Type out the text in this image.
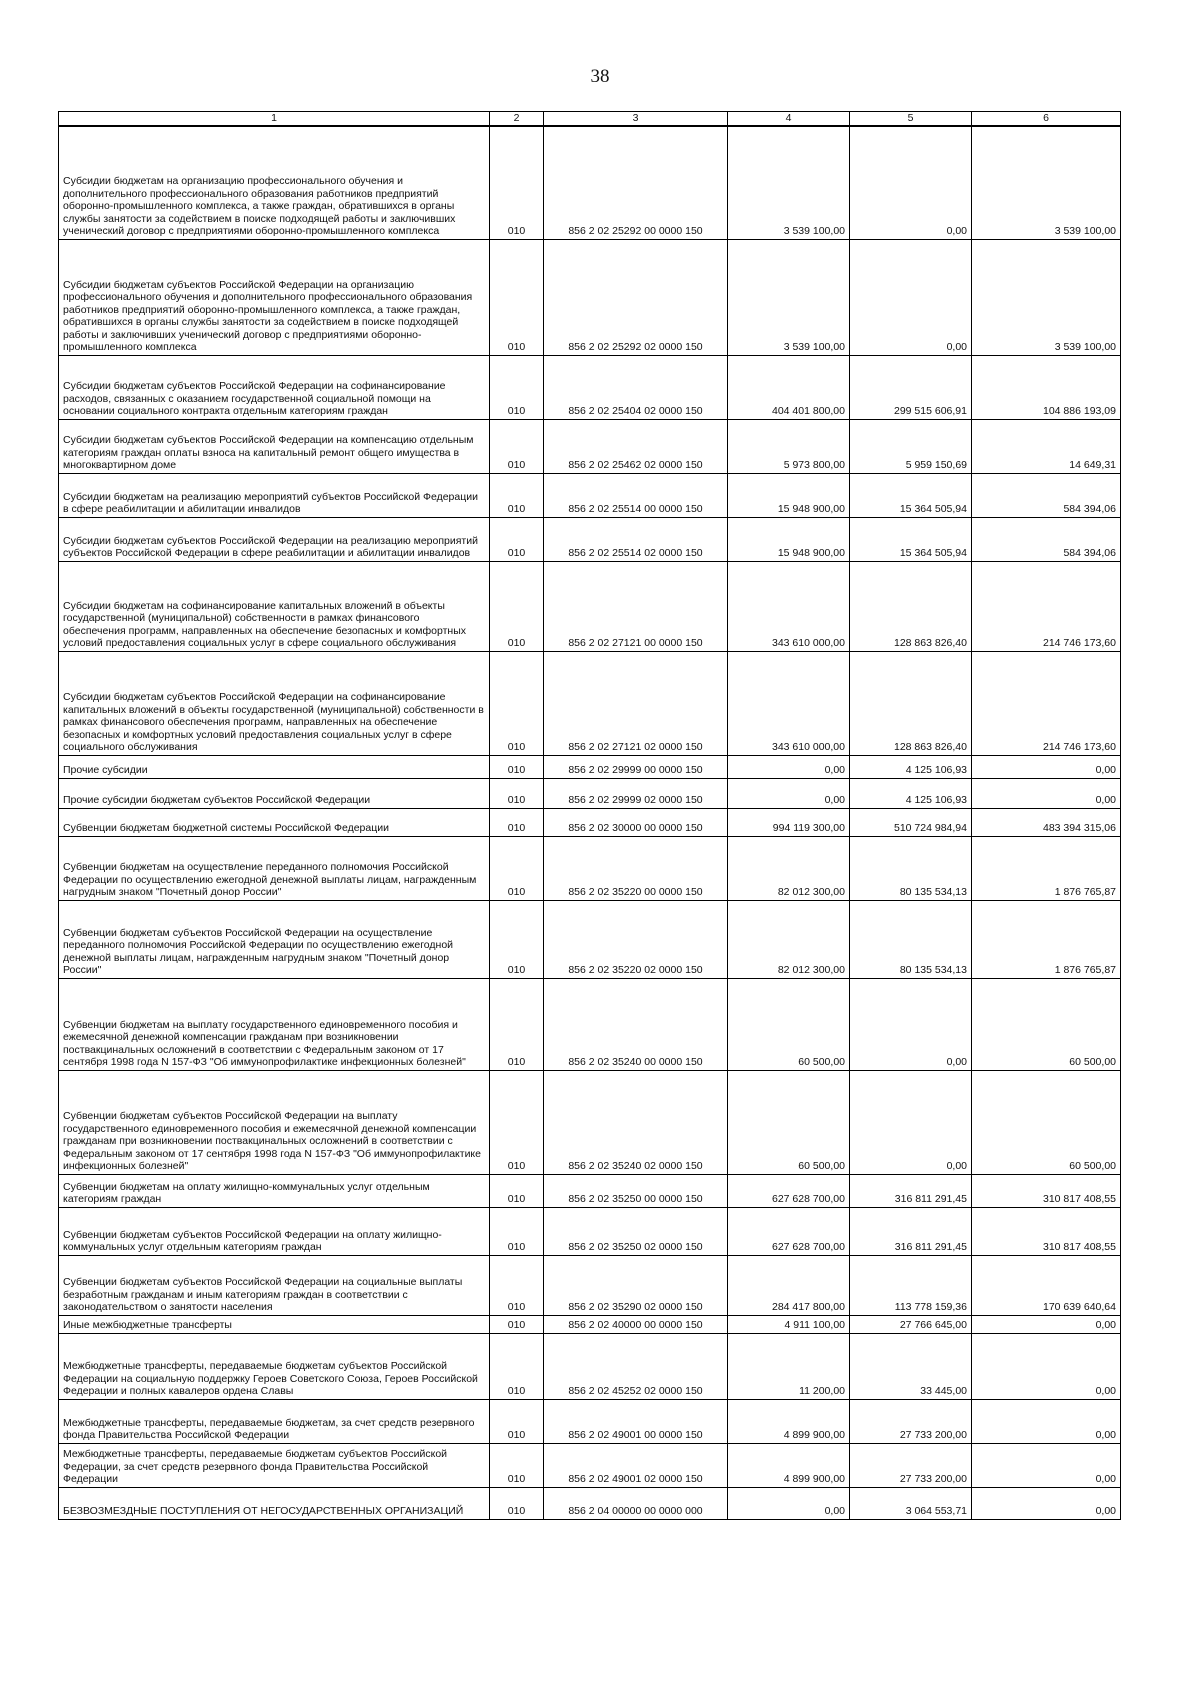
38
1	2	3	4	5	6
Субсидии бюджетам на организацию профессионального обучения и дополнительного профессионального образования работников предприятий оборонно-промышленного комплекса, а также граждан, обратившихся в органы службы занятости за содействием в поиске подходящей работы и заключивших ученический договор с предприятиями оборонно-промышленного комплекса	010	856 2 02 25292 00 0000 150	3 539 100,00	0,00	3 539 100,00
Субсидии бюджетам субъектов Российской Федерации на организацию профессионального обучения и дополнительного профессионального образования работников предприятий оборонно-промышленного комплекса, а также граждан, обратившихся в органы службы занятости за содействием в поиске подходящей работы и заключивших ученический договор с предприятиями оборонно-промышленного комплекса	010	856 2 02 25292 02 0000 150	3 539 100,00	0,00	3 539 100,00
Субсидии бюджетам субъектов Российской Федерации на софинансирование расходов, связанных с оказанием государственной социальной помощи на основании социального контракта отдельным категориям граждан	010	856 2 02 25404 02 0000 150	404 401 800,00	299 515 606,91	104 886 193,09
Субсидии бюджетам субъектов Российской Федерации на компенсацию отдельным категориям граждан оплаты взноса на капитальный ремонт общего имущества в многоквартирном доме	010	856 2 02 25462 02 0000 150	5 973 800,00	5 959 150,69	14 649,31
Субсидии бюджетам на реализацию мероприятий субъектов Российской Федерации в сфере реабилитации и абилитации инвалидов	010	856 2 02 25514 00 0000 150	15 948 900,00	15 364 505,94	584 394,06
Субсидии бюджетам субъектов Российской Федерации на реализацию мероприятий субъектов Российской Федерации в сфере реабилитации и абилитации инвалидов	010	856 2 02 25514 02 0000 150	15 948 900,00	15 364 505,94	584 394,06
Субсидии бюджетам на софинансирование капитальных вложений в объекты государственной (муниципальной) собственности в рамках финансового обеспечения программ, направленных на обеспечение безопасных и комфортных условий предоставления социальных услуг в сфере социального обслуживания	010	856 2 02 27121 00 0000 150	343 610 000,00	128 863 826,40	214 746 173,60
Субсидии бюджетам субъектов Российской Федерации на софинансирование капитальных вложений в объекты государственной (муниципальной) собственности в рамках финансового обеспечения программ, направленных на обеспечение безопасных и комфортных условий предоставления социальных услуг в сфере социального обслуживания	010	856 2 02 27121 02 0000 150	343 610 000,00	128 863 826,40	214 746 173,60
Прочие субсидии	010	856 2 02 29999 00 0000 150	0,00	4 125 106,93	0,00
Прочие субсидии бюджетам субъектов Российской Федерации	010	856 2 02 29999 02 0000 150	0,00	4 125 106,93	0,00
Субвенции бюджетам бюджетной системы Российской Федерации	010	856 2 02 30000 00 0000 150	994 119 300,00	510 724 984,94	483 394 315,06
Субвенции бюджетам на осуществление переданного полномочия Российской Федерации по осуществлению ежегодной денежной выплаты лицам, награжденным нагрудным знаком "Почетный донор России"	010	856 2 02 35220 00 0000 150	82 012 300,00	80 135 534,13	1 876 765,87
Субвенции бюджетам субъектов Российской Федерации на осуществление переданного полномочия Российской Федерации по осуществлению ежегодной денежной выплаты лицам, награжденным нагрудным знаком "Почетный донор России"	010	856 2 02 35220 02 0000 150	82 012 300,00	80 135 534,13	1 876 765,87
Субвенции бюджетам на выплату государственного единовременного пособия и ежемесячной денежной компенсации гражданам при возникновении поствакцинальных осложнений в соответствии с Федеральным законом от 17 сентября 1998 года N 157-ФЗ "Об иммунопрофилактике инфекционных болезней"	010	856 2 02 35240 00 0000 150	60 500,00	0,00	60 500,00
Субвенции бюджетам субъектов Российской Федерации на выплату государственного единовременного пособия и ежемесячной денежной компенсации гражданам при возникновении поствакцинальных осложнений в соответствии с Федеральным законом от 17 сентября 1998 года N 157-ФЗ "Об иммунопрофилактике инфекционных болезней"	010	856 2 02 35240 02 0000 150	60 500,00	0,00	60 500,00
Субвенции бюджетам на оплату жилищно-коммунальных услуг отдельным категориям граждан	010	856 2 02 35250 00 0000 150	627 628 700,00	316 811 291,45	310 817 408,55
Субвенции бюджетам субъектов Российской Федерации на оплату жилищно-коммунальных услуг отдельным категориям граждан	010	856 2 02 35250 02 0000 150	627 628 700,00	316 811 291,45	310 817 408,55
Субвенции бюджетам субъектов Российской Федерации на социальные выплаты безработным гражданам и иным категориям граждан в соответствии с законодательством о занятости населения	010	856 2 02 35290 02 0000 150	284 417 800,00	113 778 159,36	170 639 640,64
Иные межбюджетные трансферты	010	856 2 02 40000 00 0000 150	4 911 100,00	27 766 645,00	0,00
Межбюджетные трансферты, передаваемые бюджетам субъектов Российской Федерации на социальную поддержку Героев Советского Союза, Героев Российской Федерации и полных кавалеров ордена Славы	010	856 2 02 45252 02 0000 150	11 200,00	33 445,00	0,00
Межбюджетные трансферты, передаваемые бюджетам, за счет средств резервного фонда Правительства Российской Федерации	010	856 2 02 49001 00 0000 150	4 899 900,00	27 733 200,00	0,00
Межбюджетные трансферты, передаваемые бюджетам субъектов Российской Федерации, за счет средств резервного фонда Правительства Российской Федерации	010	856 2 02 49001 02 0000 150	4 899 900,00	27 733 200,00	0,00
БЕЗВОЗМЕЗДНЫЕ ПОСТУПЛЕНИЯ ОТ НЕГОСУДАРСТВЕННЫХ ОРГАНИЗАЦИЙ	010	856 2 04 00000 00 0000 000	0,00	3 064 553,71	0,00
